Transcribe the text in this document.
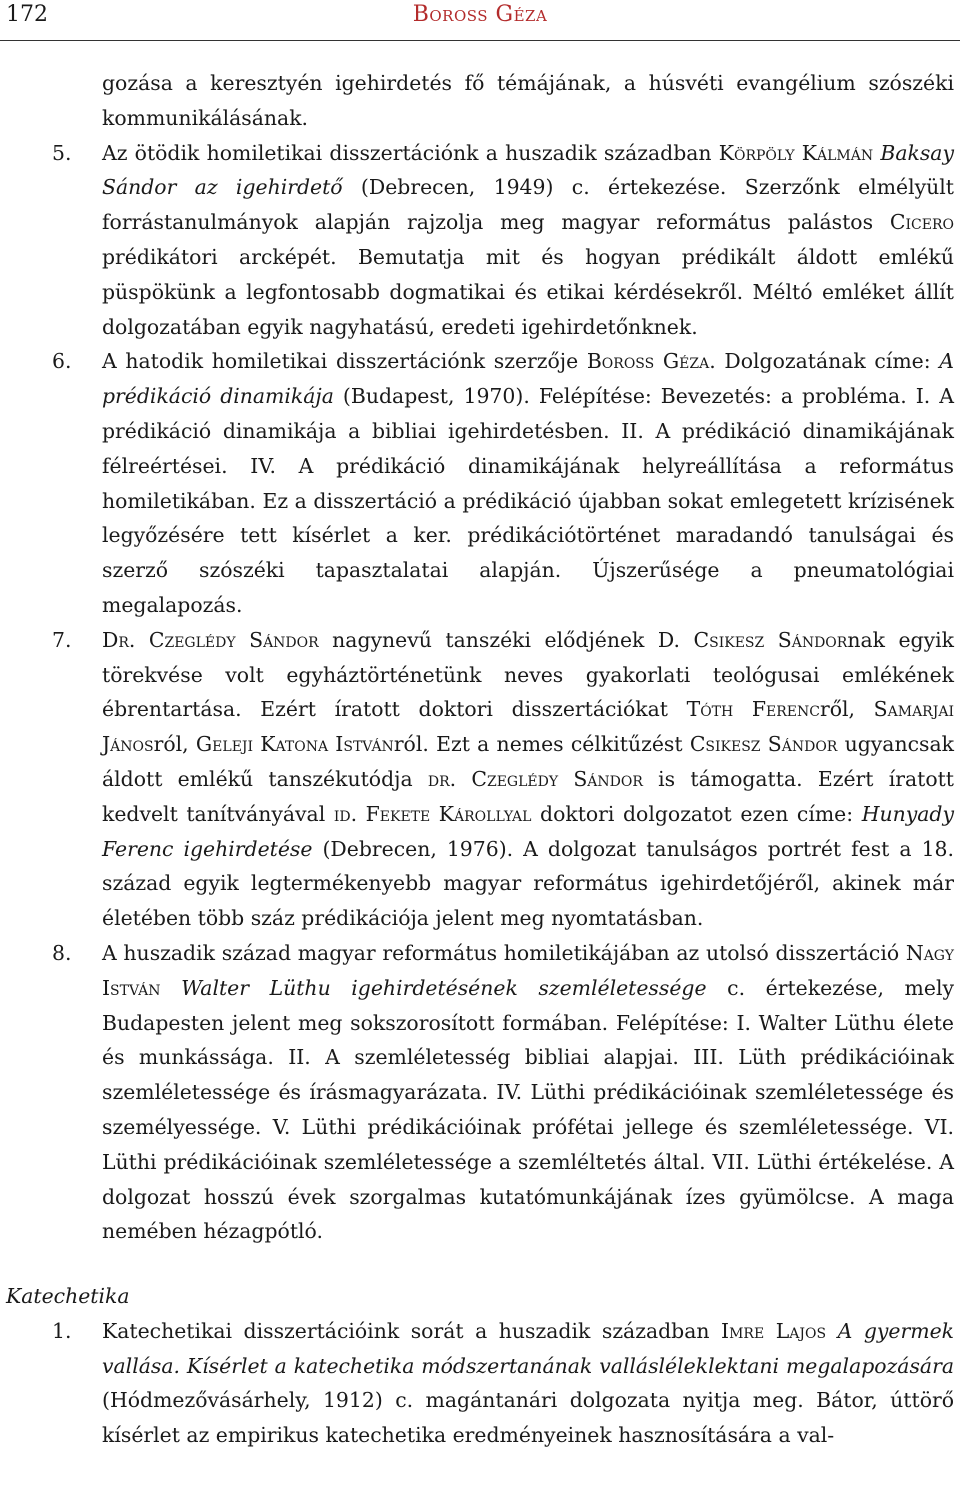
172	Boross Géza

gozása a keresztyén igehirdetés fő témájának, a húsvéti evangélium szószéki kommunikálásának.

5. Az ötödik homiletikai disszertációnk a huszadik században Körpöly Kálmán Baksay Sándor az igehirdető (Debrecen, 1949) c. értekezése. Szerzőnk elmélyült forrástanulmányok alapján rajzolja meg magyar református palástos Cicero prédikátori arcképét. Bemutatja mit és hogyan prédikált áldott emlékű püspökünk a legfontosabb dogmatikai és etikai kérdésekről. Méltó emléket állít dolgozatában egyik nagyhatású, eredeti igehirdetőnknek.

6. A hatodik homiletikai disszertációnk szerzője Boross Géza. Dolgozatának címe: A prédikáció dinamikája (Budapest, 1970). Felépítése: Bevezetés: a probléma. I. A prédikáció dinamikája a bibliai igehirdetésben. II. A prédikáció dinamikájának félreértései. IV. A prédikáció dinamikájának helyreállítása a református homiletikában. Ez a disszertáció a prédikáció újabban sokat emlegetett krízisének legyőzésére tett kísérlet a ker. prédikációtörténet maradandó tanulságai és szerző szószéki tapasztalatai alapján. Újszerűsége a pneumatológiai megalapozás.

7. Dr. Czeglédy Sándor nagynevű tanszéki elődjének D. Csikesz Sándornak egyik törekvése volt egyháztörténetünk neves gyakorlati teológusai emlékének ébrentartása. Ezért íratott doktori disszertációkat Tóth Ferencről, Samarjai Jánosról, Geleji Katona Istvánról. Ezt a nemes célkitűzést Csikesz Sándor ugyancsak áldott emlékű tanszékutódja dr. Czeglédy Sándor is támogatta. Ezért íratott kedvelt tanítványával id. Fekete Károllyal doktori dolgozatot ezen címe: Hunyady Ferenc igehirdetése (Debrecen, 1976). A dolgozat tanulságos portrét fest a 18. század egyik legtermékenyebb magyar református igehirdetőjéről, akinek már életében több száz prédikációja jelent meg nyomtatásban.

8. A huszadik század magyar református homiletikájában az utolsó disszertáció Nagy István Walter Lüthu igehirdetésének szemléletessége c. értekezése, mely Budapesten jelent meg sokszorosított formában. Felépítése: I. Walter Lüthu élete és munkássága. II. A szemléletesség bibliai alapjai. III. Lüth prédikációinak szemléletessége és írásmagyarázata. IV. Lüthi prédikációinak szemléletessége és személyessége. V. Lüthi prédikációinak prófétai jellege és szemléletessége. VI. Lüthi prédikációinak szemléletessége a szemléltetés által. VII. Lüthi értékelése. A dolgozat hosszú évek szorgalmas kutatómunkájának ízes gyümölcse. A maga nemében hézagpótló.

Katechetika

1. Katechetikai disszertációink sorát a huszadik században Imre Lajos A gyermek vallása. Kísérlet a katechetika módszertanának vallásléleklektani megalapozására (Hódmezővásárhely, 1912) c. magántanári dolgozata nyitja meg. Bátor, úttörő kísérlet az empirikus katechetika eredményeinek hasznosítására a val-
